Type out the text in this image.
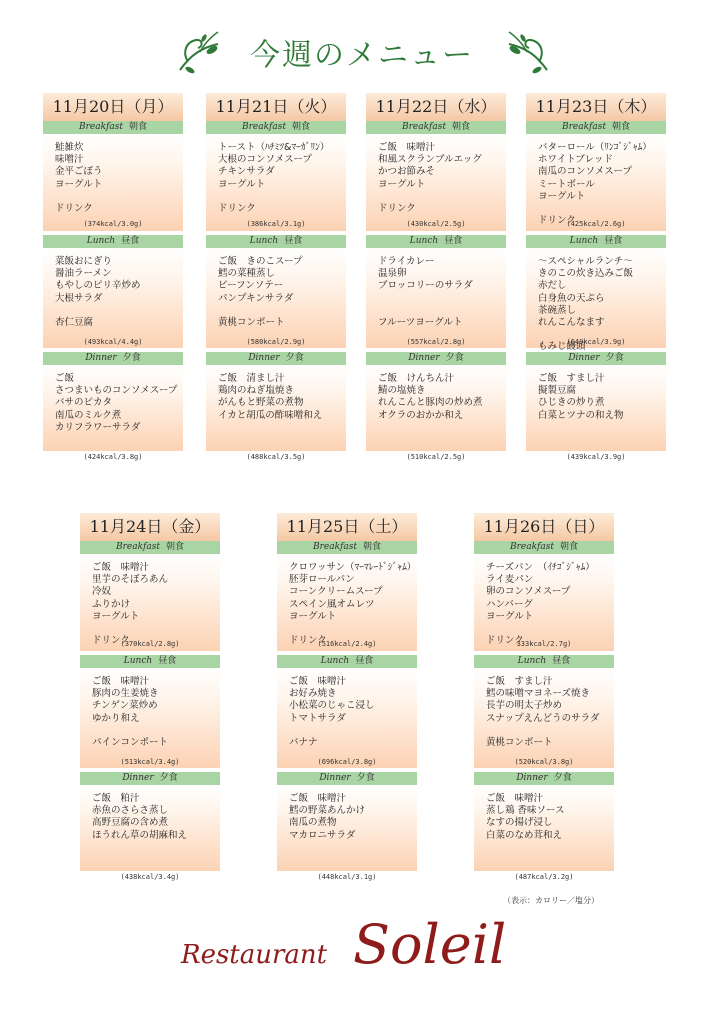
今週のメニュー
11月20日（月）
Breakfast 朝食
鮭雑炊
味噌汁
金平ごぼう
ヨーグルト

ドリンク
(374kcal/3.0g)
Lunch 昼食
菜飯おにぎり
醤油ラーメン
もやしのピリ辛炒め
大根サラダ

杏仁豆腐
(493kcal/4.4g)
Dinner 夕食
ご飯
さつまいものコンソメスープ
バサのピカタ
南瓜のミルク煮
カリフラワーサラダ
(424kcal/3.8g)
11月21日（火）
Breakfast 朝食
トースト（ﾊﾁﾐﾂ&ﾏｰｶﾞﾘﾝ）
大根のコンソメスープ
チキンサラダ
ヨーグルト

ドリンク
(386kcal/3.1g)
Lunch 昼食
ご飯　きのこスープ
鱈の菜種蒸し
ビーフンソテー
パンプキンサラダ

黄桃コンポート
(580kcal/2.9g)
Dinner 夕食
ご飯　清まし汁
鶏肉のねぎ塩焼き
がんもと野菜の煮物
イカと胡瓜の酢味噌和え
(488kcal/3.5g)
11月22日（水）
Breakfast 朝食
ご飯　味噌汁
和風スクランブルエッグ
かつお節みそ
ヨーグルト

ドリンク
(430kcal/2.5g)
Lunch 昼食
ドライカレー
温泉卵
ブロッコリーのサラダ

フルーツヨーグルト
(557kcal/2.8g)
Dinner 夕食
ご飯　けんちん汁
鯖の塩焼き
れんこんと豚肉の炒め煮
オクラのおかか和え
(510kcal/2.5g)
11月23日（木）
Breakfast 朝食
バターロール（ﾘﾝｺﾞｼﾞｬﾑ）
ホワイトブレッド
南瓜のコンソメスープ
ミートボール
ヨーグルト

ドリンク
(425kcal/2.6g)
Lunch 昼食
～スペシャルランチ～
きのこの炊き込みご飯
赤だし
白身魚の天ぷら
茶碗蒸し
れんこんなます

もみじ饅頭
(640kcal/3.9g)
Dinner 夕食
ご飯　すまし汁
擬製豆腐
ひじきの炒り煮
白菜とツナの和え物
(439kcal/3.9g)
11月24日（金）
Breakfast 朝食
ご飯　味噌汁
里芋のそぼろあん
冷奴
ふりかけ
ヨーグルト

ドリンク
(370kcal/2.8g)
Lunch 昼食
ご飯　味噌汁
豚肉の生姜焼き
チンゲン菜炒め
ゆかり和え

パインコンポート
(513kcal/3.4g)
Dinner 夕食
ご飯　粕汁
赤魚のさらさ蒸し
高野豆腐の含め煮
ほうれん草の胡麻和え
(438kcal/3.4g)
11月25日（土）
Breakfast 朝食
クロワッサン（ﾏｰﾏﾚｰﾄﾞｼﾞｬﾑ）
胚芽ロールパン
コーンクリームスープ
スペイン風オムレツ
ヨーグルト

ドリンク
(516kcal/2.4g)
Lunch 昼食
ご飯　味噌汁
お好み焼き
小松菜のじゃこ浸し
トマトサラダ

バナナ
(696kcal/3.8g)
Dinner 夕食
ご飯　味噌汁
鱈の野菜あんかけ
南瓜の煮物
マカロニサラダ
(448kcal/3.1g)
11月26日（日）
Breakfast 朝食
チーズパン　（ｲﾁｺﾞｼﾞｬﾑ）
ライ麦パン
卵のコンソメスープ
ハンバーグ
ヨーグルト

ドリンク
333kcal/2.7g)
Lunch 昼食
ご飯　すまし汁
鱈の味噌マヨネーズ焼き
長芋の明太子炒め
スナップえんどうのサラダ

黄桃コンポート
(520kcal/3.8g)
Dinner 夕食
ご飯　味噌汁
蒸し鶏 香味ソース
なすの揚げ浸し
白菜のなめ茸和え
(487kcal/3.2g)
（表示：カロリー／塩分）
Restaurant Soleil
